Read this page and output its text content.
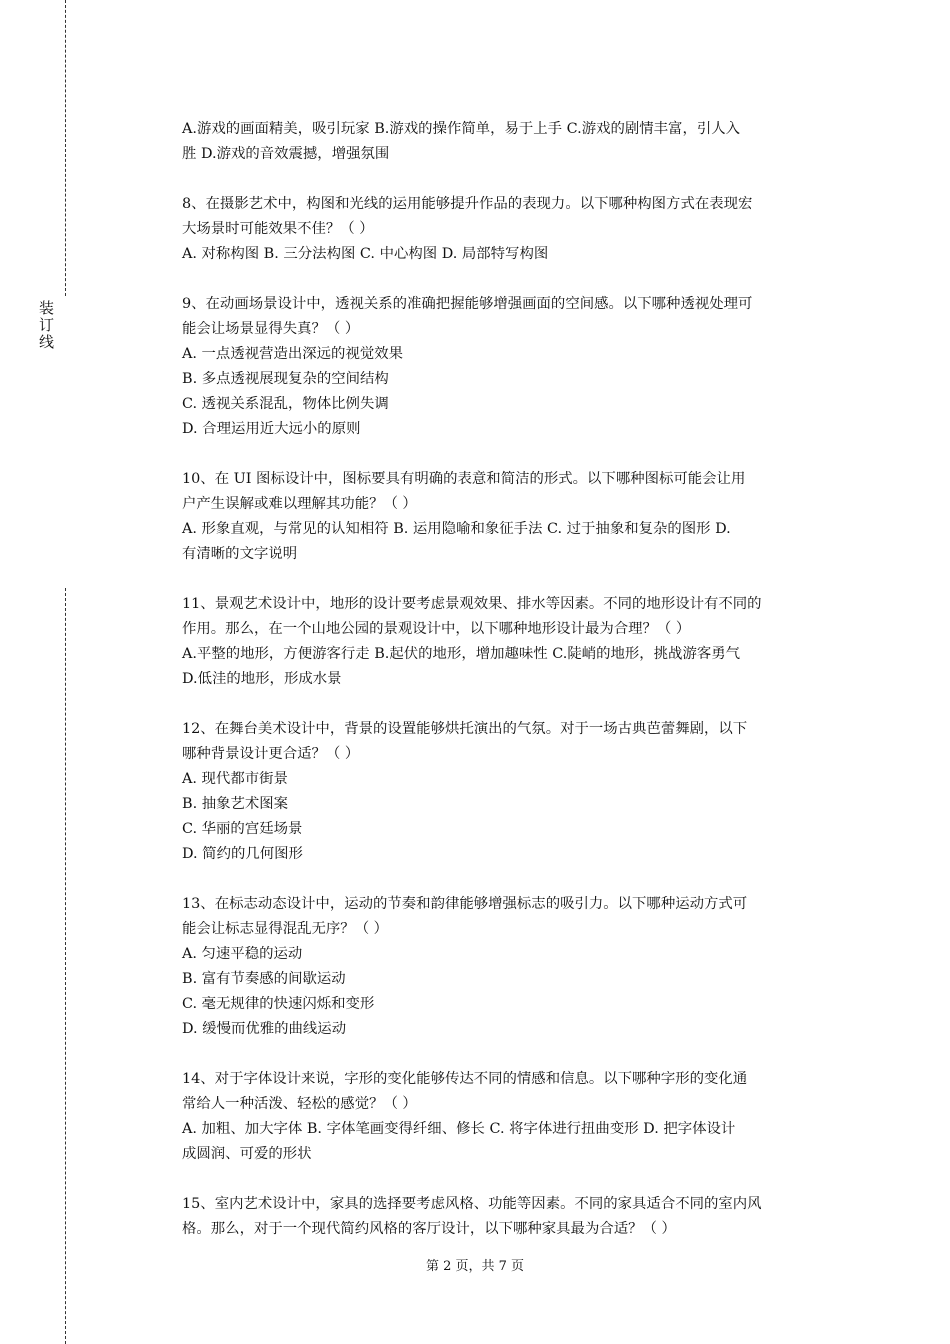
装订线

A.游戏的画面精美，吸引玩家 B.游戏的操作简单，易于上手 C.游戏的剧情丰富，引人入

胜 D.游戏的音效震撼，增强氛围

8、在摄影艺术中，构图和光线的运用能够提升作品的表现力。以下哪种构图方式在表现宏

大场景时可能效果不佳？（ ）

A. 对称构图 B. 三分法构图 C. 中心构图 D. 局部特写构图

9、在动画场景设计中，透视关系的准确把握能够增强画面的空间感。以下哪种透视处理可

能会让场景显得失真？（ ）

A. 一点透视营造出深远的视觉效果

B. 多点透视展现复杂的空间结构

C. 透视关系混乱，物体比例失调

D. 合理运用近大远小的原则

10、在 UI 图标设计中，图标要具有明确的表意和简洁的形式。以下哪种图标可能会让用

户产生误解或难以理解其功能？（ ）

A. 形象直观，与常见的认知相符 B. 运用隐喻和象征手法 C. 过于抽象和复杂的图形 D.

有清晰的文字说明

11、景观艺术设计中，地形的设计要考虑景观效果、排水等因素。不同的地形设计有不同的

作用。那么，在一个山地公园的景观设计中，以下哪种地形设计最为合理？（ ）

A.平整的地形，方便游客行走 B.起伏的地形，增加趣味性 C.陡峭的地形，挑战游客勇气

D.低洼的地形，形成水景

12、在舞台美术设计中，背景的设置能够烘托演出的气氛。对于一场古典芭蕾舞剧，以下

哪种背景设计更合适？（ ）

A. 现代都市街景

B. 抽象艺术图案

C. 华丽的宫廷场景

D. 简约的几何图形

13、在标志动态设计中，运动的节奏和韵律能够增强标志的吸引力。以下哪种运动方式可

能会让标志显得混乱无序？（ ）

A. 匀速平稳的运动

B. 富有节奏感的间歇运动

C. 毫无规律的快速闪烁和变形

D. 缓慢而优雅的曲线运动

14、对于字体设计来说，字形的变化能够传达不同的情感和信息。以下哪种字形的变化通

常给人一种活泼、轻松的感觉？（ ）

A. 加粗、加大字体 B. 字体笔画变得纤细、修长 C. 将字体进行扭曲变形 D. 把字体设计

成圆润、可爱的形状

15、室内艺术设计中，家具的选择要考虑风格、功能等因素。不同的家具适合不同的室内风

格。那么，对于一个现代简约风格的客厅设计，以下哪种家具最为合适？（ ）

第 2 页，共 7 页
